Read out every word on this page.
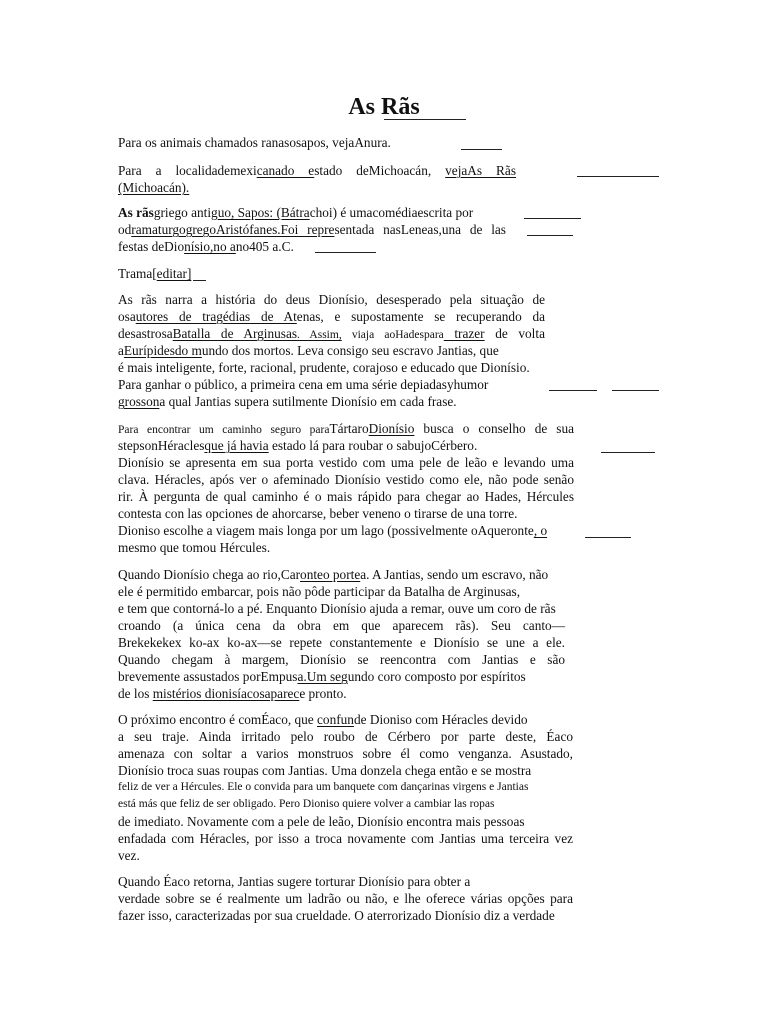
As Rãs
Para os animais chamados ranasosapos, vejaAnura.
Para a localidademexicanado estado deMichoacán, vejaAs Rãs
(Michoacán).
As rãsgriego antiguo, Sapos: (Bátrachoi) é umacomédiaescrita por
odramaturgogregoAristófanes.Foi representada nasLeneas,una de las
festas deDionísio,no ano405 a.C.
Trama[editar]
As rãs narra a história do deus Dionísio, desesperado pela situação de
osautores de tragédias de Atenas, e supostamente se recuperando da
desastrosaBatalla de Arginusas. Assim, viaja aoHadespara trazer de volta
aEurípidesdo mundo dos mortos. Leva consigo seu escravo Jantias, que
é mais inteligente, forte, racional, prudente, corajoso e educado que Dionísio.
Para ganhar o público, a primeira cena em uma série depiadasyhumor
grossona qual Jantias supera sutilmente Dionísio em cada frase.
Para encontrar um caminho seguro paraTártaroDionísio busca o conselho de sua
stepsonHéraclesque já havia estado lá para roubar o sabujoCérbero.
Dionísio se apresenta em sua porta vestido com uma pele de leão e levando uma
clava. Héracles, após ver o afeminado Dionísio vestido como ele, não pode senão
rir. À pergunta de qual caminho é o mais rápido para chegar ao Hades, Hércules
contesta con las opciones de ahorcarse, beber veneno o tirarse de una torre.
Dioniso escolhe a viagem mais longa por um lago (possivelmente oAqueronte, o
mesmo que tomou Hércules.
Quando Dionísio chega ao rio,Caronteo portea. A Jantias, sendo um escravo, não
ele é permitido embarcar, pois não pôde participar da Batalha de Arginusas,
e tem que contorná-lo a pé. Enquanto Dionísio ajuda a remar, ouve um coro de rãs
croando (a única cena da obra em que aparecem rãs). Seu canto—
Brekekekex ko-ax ko-ax—se repete constantemente e Dionísio se une a ele.
Quando chegam à margem, Dionísio se reencontra com Jantias e são
brevemente assustados porEmpusa.Um segundo coro composto por espíritos
de los mistérios dionisíacosaparece pronto.
O próximo encontro é comÉaco, que confunde Dioniso com Héracles devido
a seu traje. Ainda irritado pelo roubo de Cérbero por parte deste, Éaco
amenaza con soltar a varios monstruos sobre él como venganza. Asustado,
Dionísio troca suas roupas com Jantias. Uma donzela chega então e se mostra
feliz de ver a Hércules. Ele o convida para um banquete com dançarinas virgens e Jantias
está más que feliz de ser obligado. Pero Dioniso quiere volver a cambiar las ropas
de imediato. Novamente com a pele de leão, Dionísio encontra mais pessoas
enfadada com Héracles, por isso a troca novamente com Jantias uma terceira vez
vez.
Quando Éaco retorna, Jantias sugere torturar Dionísio para obter a
verdade sobre se é realmente um ladrão ou não, e lhe oferece várias opções para
fazer isso, caracterizadas por sua crueldade. O aterrorizado Dionísio diz a verdade
